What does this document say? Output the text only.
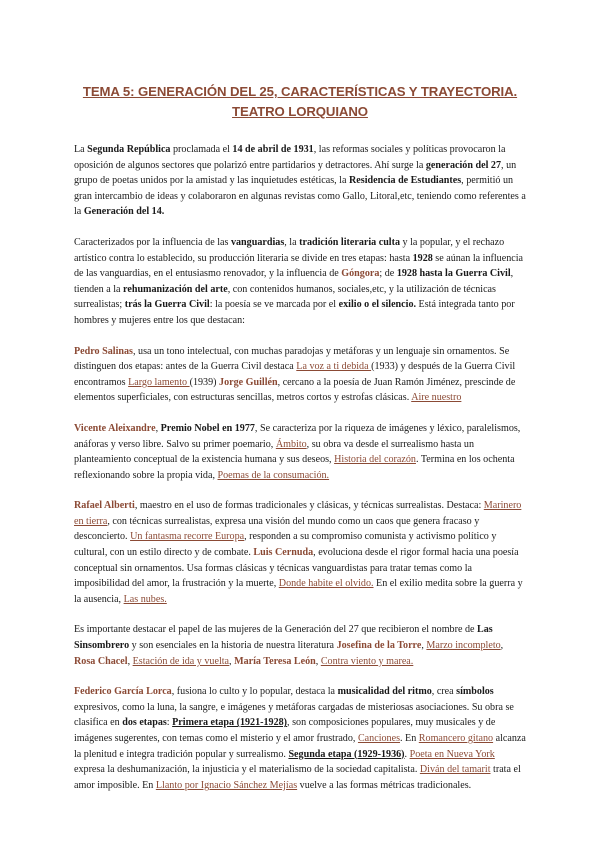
TEMA 5: GENERACIÓN DEL 25, CARACTERÍSTICAS Y TRAYECTORIA. TEATRO LORQUIANO

La Segunda República proclamada el 14 de abril de 1931, las reformas sociales y políticas provocaron la oposición de algunos sectores que polarizó entre partidarios y detractores. Ahí surge la generación del 27, un grupo de poetas unidos por la amistad y las inquietudes estéticas, la Residencia de Estudiantes, permitió un gran intercambio de ideas y colaboraron en algunas revistas como Gallo, Litoral,etc, teniendo como referentes a la Generación del 14.

Caracterizados por la influencia de las vanguardias, la tradición literaria culta y la popular, y el rechazo artístico contra lo establecido, su producción literaria se divide en tres etapas: hasta 1928 se aúnan la influencia de las vanguardias, en el entusiasmo renovador, y la influencia de Góngora; de 1928 hasta la Guerra Civil, tienden a la rehumanización del arte, con contenidos humanos, sociales,etc, y la utilización de técnicas surrealistas; trás la Guerra Civil: la poesía se ve marcada por el exilio o el silencio. Está integrada tanto por hombres y mujeres entre los que destacan:

Pedro Salinas, usa un tono intelectual, con muchas paradojas y metáforas y un lenguaje sin ornamentos. Se distinguen dos etapas: antes de la Guerra Civil destaca La voz a ti debida (1933) y después de la Guerra Civil encontramos Largo lamento (1939) Jorge Guillén, cercano a la poesía de Juan Ramón Jiménez, prescinde de elementos superficiales, con estructuras sencillas, metros cortos y estrofas clásicas. Aire nuestro

Vicente Aleixandre, Premio Nobel en 1977, Se caracteriza por la riqueza de imágenes y léxico, paralelismos, anáforas y verso libre. Salvo su primer poemario, Ámbito, su obra va desde el surrealismo hasta un planteamiento conceptual de la existencia humana y sus deseos, Historia del corazón. Termina en los ochenta reflexionando sobre la propia vida, Poemas de la consumación.

Rafael Alberti, maestro en el uso de formas tradicionales y clásicas, y técnicas surrealistas. Destaca: Marinero en tierra, con técnicas surrealistas, expresa una visión del mundo como un caos que genera fracaso y desconcierto. Un fantasma recorre Europa, responden a su compromiso comunista y activismo político y cultural, con un estilo directo y de combate. Luis Cernuda, evoluciona desde el rigor formal hacia una poesía conceptual sin ornamentos. Usa formas clásicas y técnicas vanguardistas para tratar temas como la imposibilidad del amor, la frustración y la muerte, Donde habite el olvido. En el exilio medita sobre la guerra y la ausencia, Las nubes.

Es importante destacar el papel de las mujeres de la Generación del 27 que recibieron el nombre de Las Sinsombrero y son esenciales en la historia de nuestra literatura Josefina de la Torre, Marzo incompleto, Rosa Chacel, Estación de ida y vuelta, María Teresa León, Contra viento y marea.

Federico García Lorca, fusiona lo culto y lo popular, destaca la musicalidad del ritmo, crea símbolos expresivos, como la luna, la sangre, e imágenes y metáforas cargadas de misteriosas asociaciones. Su obra se clasifica en dos etapas: Primera etapa (1921-1928), son composiciones populares, muy musicales y de imágenes sugerentes, con temas como el misterio y el amor frustrado, Canciones. En Romancero gitano alcanza la plenitud e integra tradición popular y surrealismo. Segunda etapa (1929-1936). Poeta en Nueva York expresa la deshumanización, la injusticia y el materialismo de la sociedad capitalista. Diván del tamarit trata el amor imposible. En Llanto por Ignacio Sánchez Mejías vuelve a las formas métricas tradicionales.
